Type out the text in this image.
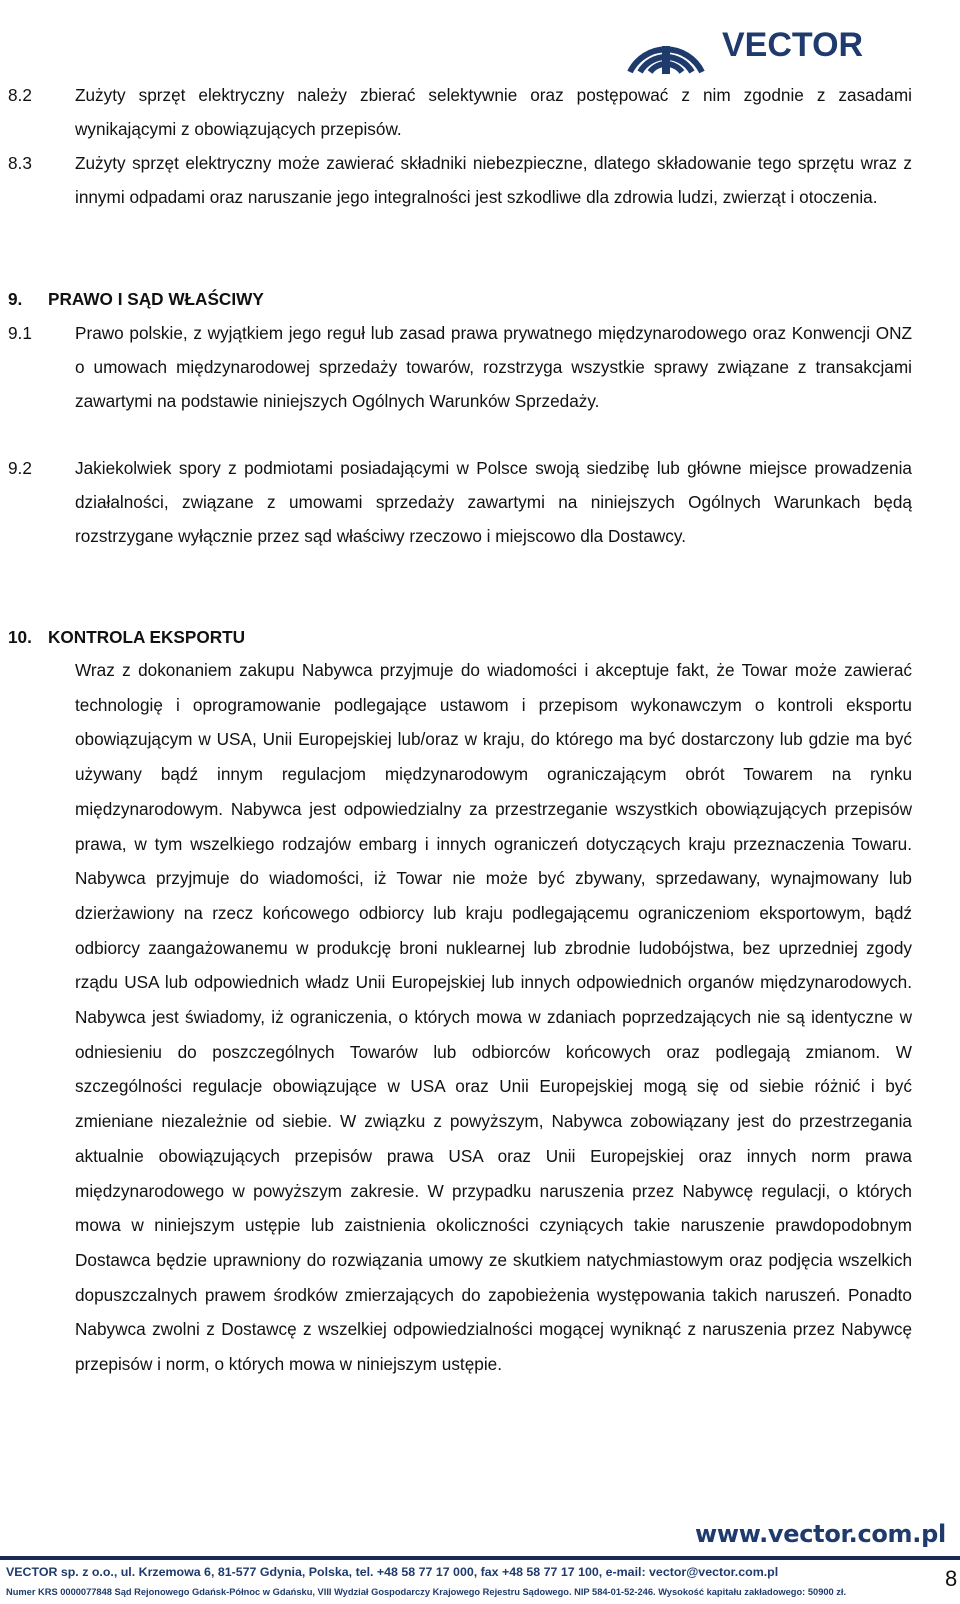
VECTOR
8.2	Zużyty sprzęt elektryczny należy zbierać selektywnie oraz postępować z nim zgodnie z zasadami wynikającymi z obowiązujących przepisów.
8.3	Zużyty sprzęt elektryczny może zawierać składniki niebezpieczne, dlatego składowanie tego sprzętu wraz z innymi odpadami oraz naruszanie jego integralności jest szkodliwe dla zdrowia ludzi, zwierząt i otoczenia.
9. PRAWO I SĄD WŁAŚCIWY
9.1	Prawo polskie, z wyjątkiem jego reguł lub zasad prawa prywatnego międzynarodowego oraz Konwencji ONZ o umowach międzynarodowej sprzedaży towarów, rozstrzyga wszystkie sprawy związane z transakcjami zawartymi na podstawie niniejszych Ogólnych Warunków Sprzedaży.
9.2	Jakiekolwiek spory z podmiotami posiadającymi w Polsce swoją siedzibę lub główne miejsce prowadzenia działalności, związane z umowami sprzedaży zawartymi na niniejszych Ogólnych Warunkach będą rozstrzygane wyłącznie przez sąd właściwy rzeczowo i miejscowo dla Dostawcy.
10. KONTROLA EKSPORTU
Wraz z dokonaniem zakupu Nabywca przyjmuje do wiadomości i akceptuje fakt, że Towar może zawierać technologię i oprogramowanie podlegające ustawom i przepisom wykonawczym o kontroli eksportu obowiązującym w USA, Unii Europejskiej lub/oraz w kraju, do którego ma być dostarczony lub gdzie ma być używany bądź innym regulacjom międzynarodowym ograniczającym obrót Towarem na rynku międzynarodowym. Nabywca jest odpowiedzialny za przestrzeganie wszystkich obowiązujących przepisów prawa, w tym wszelkiego rodzajów embarg i innych ograniczeń dotyczących kraju przeznaczenia Towaru. Nabywca przyjmuje do wiadomości, iż Towar nie może być zbywany, sprzedawany, wynajmowany lub dzierżawiony na rzecz końcowego odbiorcy lub kraju podlegającemu ograniczeniom eksportowym, bądź odbiorcy zaangażowanemu w produkcję broni nuklearnej lub zbrodnie ludobójstwa, bez uprzedniej zgody rządu USA lub odpowiednich władz Unii Europejskiej lub innych odpowiednich organów międzynarodowych. Nabywca jest świadomy, iż ograniczenia, o których mowa w zdaniach poprzedzających nie są identyczne w odniesieniu do poszczególnych Towarów lub odbiorców końcowych oraz podlegają zmianom. W szczególności regulacje obowiązujące w USA oraz Unii Europejskiej mogą się od siebie różnić i być zmieniane niezależnie od siebie. W związku z powyższym, Nabywca zobowiązany jest do przestrzegania aktualnie obowiązujących przepisów prawa USA oraz Unii Europejskiej oraz innych norm prawa międzynarodowego w powyższym zakresie. W przypadku naruszenia przez Nabywcę regulacji, o których mowa w niniejszym ustępie lub zaistnienia okoliczności czyniących takie naruszenie prawdopodobnym Dostawca będzie uprawniony do rozwiązania umowy ze skutkiem natychmiastowym oraz podjęcia wszelkich dopuszczalnych prawem środków zmierzających do zapobieżenia występowania takich naruszeń. Ponadto Nabywca zwolni z Dostawcę z wszelkiej odpowiedzialności mogącej wyniknąć z naruszenia przez Nabywcę przepisów i norm, o których mowa w niniejszym ustępie.
www.vector.com.pl
VECTOR sp. z o.o., ul. Krzemowa 6, 81-577 Gdynia, Polska, tel. +48 58 77 17 000, fax +48 58 77 17 100, e-mail: vector@vector.com.pl
Numer KRS 0000077848 Sąd Rejonowego Gdańsk-Północ w Gdańsku, VIII Wydział Gospodarczy Krajowego Rejestru Sądowego. NIP 584-01-52-246. Wysokość kapitału zakładowego: 50900 zł.
8
